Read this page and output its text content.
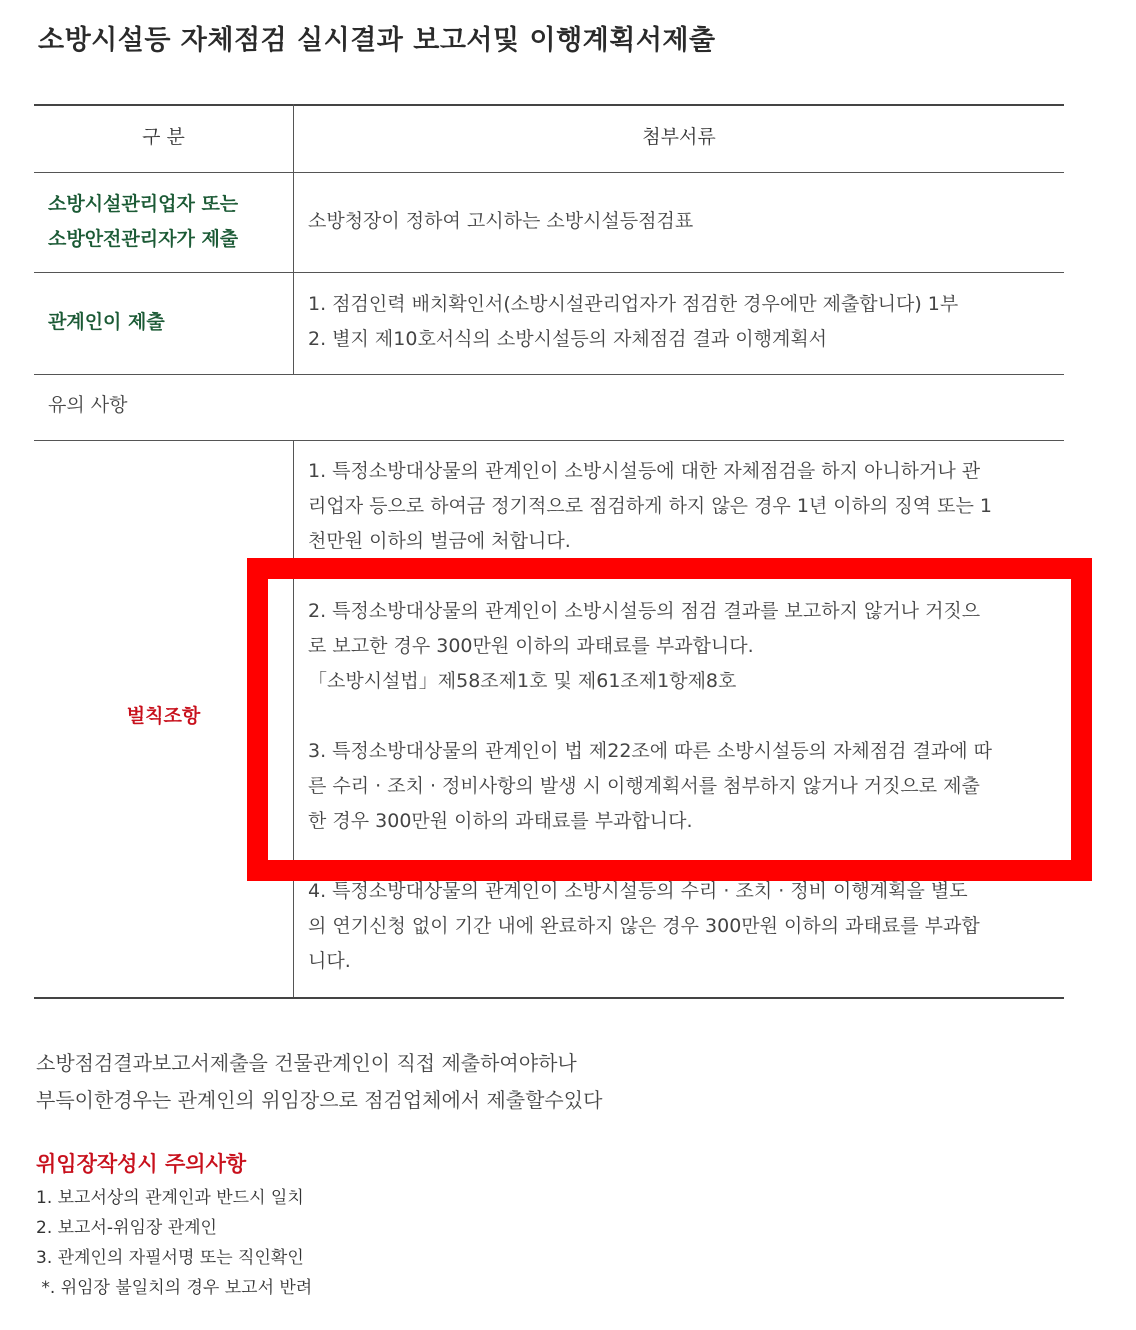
소방시설등 자체점검 실시결과 보고서및 이행계획서제출
구 분	첨부서류
소방시설관리업자 또는
소방안전관리자가 제출
소방청장이 정하여 고시하는 소방시설등점검표
관계인이 제출
1. 점검인력 배치확인서(소방시설관리업자가 점검한 경우에만 제출합니다) 1부
2. 별지 제10호서식의 소방시설등의 자체점검 결과 이행계획서
유의 사항
벌칙조항
1. 특정소방대상물의 관계인이 소방시설등에 대한 자체점검을 하지 아니하거나 관
리업자 등으로 하여금 정기적으로 점검하게 하지 않은 경우 1년 이하의 징역 또는 1
천만원 이하의 벌금에 처합니다.
2. 특정소방대상물의 관계인이 소방시설등의 점검 결과를 보고하지 않거나 거짓으
로 보고한 경우 300만원 이하의 과태료를 부과합니다.
「소방시설법」제58조제1호 및 제61조제1항제8호
3. 특정소방대상물의 관계인이 법 제22조에 따른 소방시설등의 자체점검 결과에 따
른 수리 · 조치 · 정비사항의 발생 시 이행계획서를 첨부하지 않거나 거짓으로 제출
한 경우 300만원 이하의 과태료를 부과합니다.
4. 특정소방대상물의 관계인이 소방시설등의 수리 · 조치 · 정비 이행계획을 별도
의 연기신청 없이 기간 내에 완료하지 않은 경우 300만원 이하의 과태료를 부과합
니다.
소방점검결과보고서제출을 건물관계인이 직접 제출하여야하나
부득이한경우는 관계인의 위임장으로 점검업체에서 제출할수있다
위임장작성시 주의사항
1. 보고서상의 관계인과 반드시 일치
2. 보고서-위임장 관계인
3. 관계인의 자필서명 또는 직인확인
*. 위임장 불일치의 경우 보고서 반려
